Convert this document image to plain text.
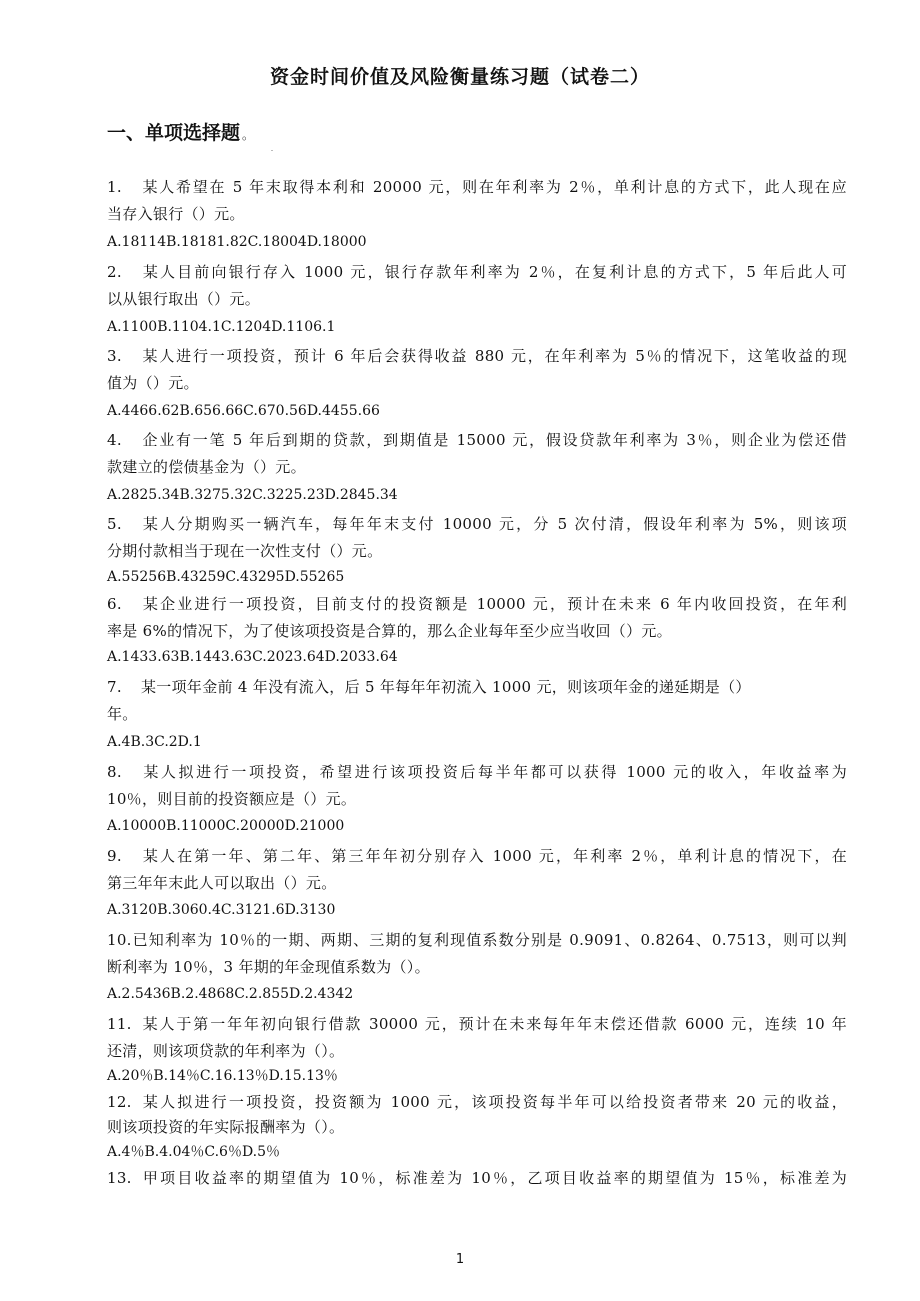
资金时间价值及风险衡量练习题（试卷二）
一、单项选择题 。
1. 某人希望在 5 年末取得本利和 20000 元，则在年利率为 2％，单利计息的方式下，此人现在应
当存入银行（）元。
A.18114B.18181.82C.18004D.18000
2. 某人目前向银行存入 1000 元，银行存款年利率为 2％，在复利计息的方式下，5 年后此人可
以从银行取出（）元。
A.1100B.1104.1C.1204D.1106.1
3. 某人进行一项投资，预计 6 年后会获得收益 880 元，在年利率为 5％的情况下，这笔收益的现
值为（）元。
A.4466.62B.656.66C.670.56D.4455.66
4. 企业有一笔 5 年后到期的贷款，到期值是 15000 元，假设贷款年利率为 3％，则企业为偿还借
款建立的偿债基金为（）元。
A.2825.34B.3275.32C.3225.23D.2845.34
5. 某人分期购买一辆汽车，每年年末支付 10000 元，分 5 次付清，假设年利率为 5%，则该项
分期付款相当于现在一次性支付（）元。
A.55256B.43259C.43295D.55265
6. 某企业进行一项投资，目前支付的投资额是 10000 元，预计在未来 6 年内收回投资，在年利
率是 6%的情况下，为了使该项投资是合算的，那么企业每年至少应当收回（）元。
A.1433.63B.1443.63C.2023.64D.2033.64
7. 某一项年金前 4 年没有流入，后 5 年每年年初流入 1000 元，则该项年金的递延期是（）
年。
A.4B.3C.2D.1
8. 某人拟进行一项投资，希望进行该项投资后每半年都可以获得 1000 元的收入，年收益率为
10％，则目前的投资额应是（）元。
A.10000B.11000C.20000D.21000
9. 某人在第一年、第二年、第三年年初分别存入 1000 元，年利率 2％，单利计息的情况下，在
第三年年末此人可以取出（）元。
A.3120B.3060.4C.3121.6D.3130
10.已知利率为 10％的一期、两期、三期的复利现值系数分别是 0.9091、0.8264、0.7513，则可以判
断利率为 10％，3 年期的年金现值系数为（）。
A.2.5436B.2.4868C.2.855D.2.4342
11. 某人于第一年年初向银行借款 30000 元，预计在未来每年年末偿还借款 6000 元，连续 10 年
还清，则该项贷款的年利率为（）。
A.20％B.14％C.16.13％D.15.13％
12. 某人拟进行一项投资，投资额为 1000 元，该项投资每半年可以给投资者带来 20 元的收益，
则该项投资的年实际报酬率为（）。
A.4％B.4.04％C.6％D.5％
13. 甲项目收益率的期望值为 10％，标准差为 10％，乙项目收益率的期望值为 15％，标准差为
1
